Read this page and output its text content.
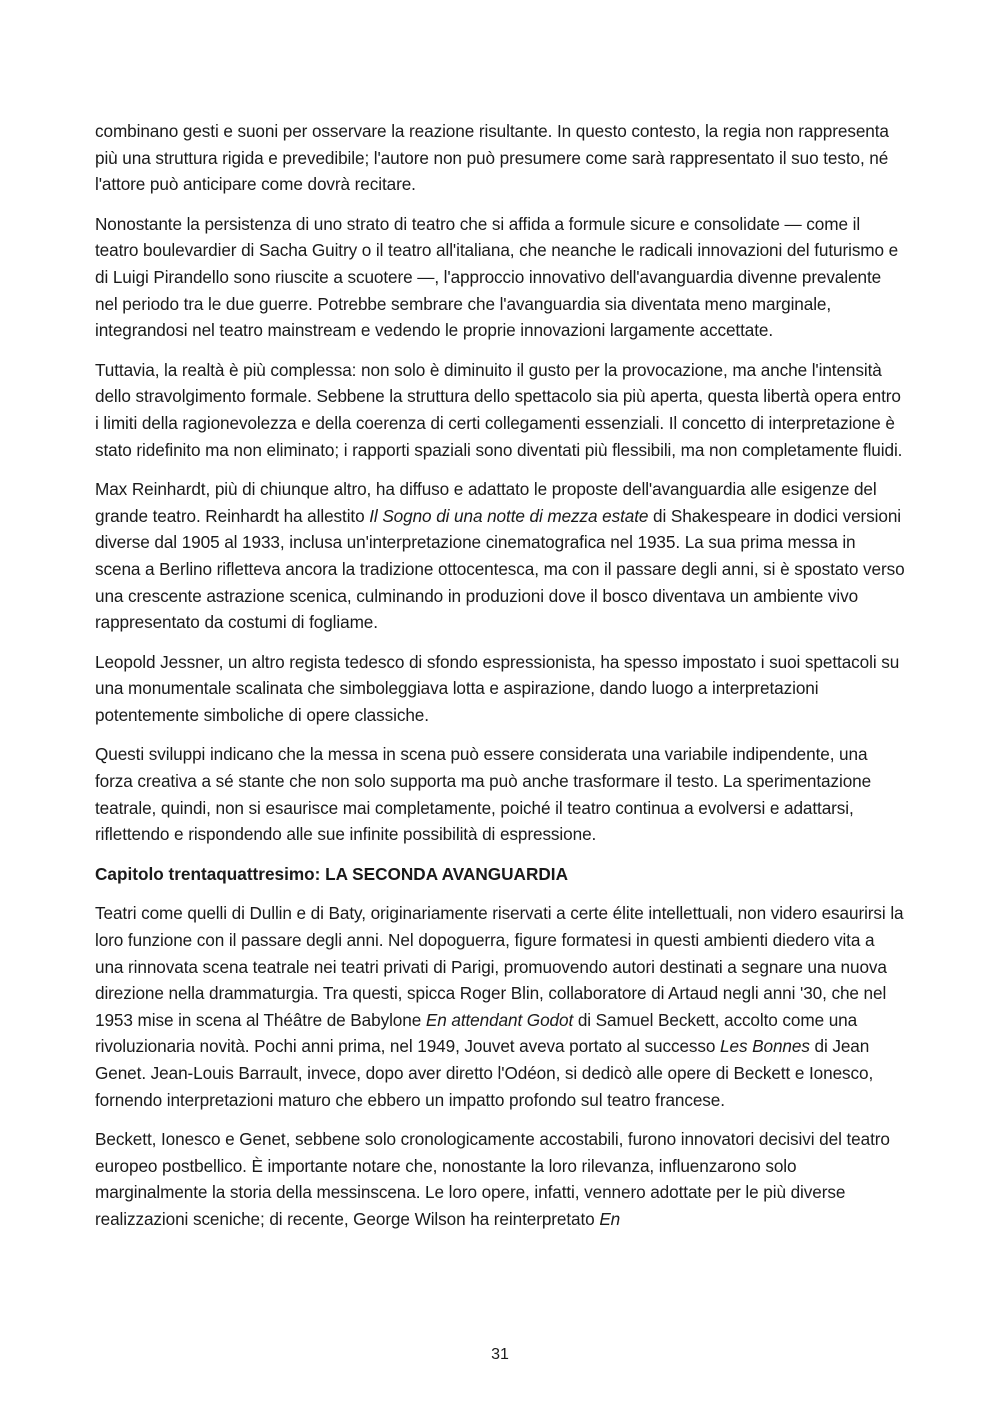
combinano gesti e suoni per osservare la reazione risultante. In questo contesto, la regia non rappresenta più una struttura rigida e prevedibile; l'autore non può presumere come sarà rappresentato il suo testo, né l'attore può anticipare come dovrà recitare.

Nonostante la persistenza di uno strato di teatro che si affida a formule sicure e consolidate — come il teatro boulevardier di Sacha Guitry o il teatro all'italiana, che neanche le radicali innovazioni del futurismo e di Luigi Pirandello sono riuscite a scuotere —, l'approccio innovativo dell'avanguardia divenne prevalente nel periodo tra le due guerre. Potrebbe sembrare che l'avanguardia sia diventata meno marginale, integrandosi nel teatro mainstream e vedendo le proprie innovazioni largamente accettate.

Tuttavia, la realtà è più complessa: non solo è diminuito il gusto per la provocazione, ma anche l'intensità dello stravolgimento formale. Sebbene la struttura dello spettacolo sia più aperta, questa libertà opera entro i limiti della ragionevolezza e della coerenza di certi collegamenti essenziali. Il concetto di interpretazione è stato ridefinito ma non eliminato; i rapporti spaziali sono diventati più flessibili, ma non completamente fluidi.

Max Reinhardt, più di chiunque altro, ha diffuso e adattato le proposte dell'avanguardia alle esigenze del grande teatro. Reinhardt ha allestito Il Sogno di una notte di mezza estate di Shakespeare in dodici versioni diverse dal 1905 al 1933, inclusa un'interpretazione cinematografica nel 1935. La sua prima messa in scena a Berlino rifletteva ancora la tradizione ottocentesca, ma con il passare degli anni, si è spostato verso una crescente astrazione scenica, culminando in produzioni dove il bosco diventava un ambiente vivo rappresentato da costumi di fogliame.

Leopold Jessner, un altro regista tedesco di sfondo espressionista, ha spesso impostato i suoi spettacoli su una monumentale scalinata che simboleggiava lotta e aspirazione, dando luogo a interpretazioni potentemente simboliche di opere classiche.

Questi sviluppi indicano che la messa in scena può essere considerata una variabile indipendente, una forza creativa a sé stante che non solo supporta ma può anche trasformare il testo. La sperimentazione teatrale, quindi, non si esaurisce mai completamente, poiché il teatro continua a evolversi e adattarsi, riflettendo e rispondendo alle sue infinite possibilità di espressione.

Capitolo trentaquattresimo: LA SECONDA AVANGUARDIA

Teatri come quelli di Dullin e di Baty, originariamente riservati a certe élite intellettuali, non videro esaurirsi la loro funzione con il passare degli anni. Nel dopoguerra, figure formatesi in questi ambienti diedero vita a una rinnovata scena teatrale nei teatri privati di Parigi, promuovendo autori destinati a segnare una nuova direzione nella drammaturgia. Tra questi, spicca Roger Blin, collaboratore di Artaud negli anni '30, che nel 1953 mise in scena al Théâtre de Babylone En attendant Godot di Samuel Beckett, accolto come una rivoluzionaria novità. Pochi anni prima, nel 1949, Jouvet aveva portato al successo Les Bonnes di Jean Genet. Jean-Louis Barrault, invece, dopo aver diretto l'Odéon, si dedicò alle opere di Beckett e Ionesco, fornendo interpretazioni maturo che ebbero un impatto profondo sul teatro francese.

Beckett, Ionesco e Genet, sebbene solo cronologicamente accostabili, furono innovatori decisivi del teatro europeo postbellico. È importante notare che, nonostante la loro rilevanza, influenzarono solo marginalmente la storia della messinscena. Le loro opere, infatti, vennero adottate per le più diverse realizzazioni sceniche; di recente, George Wilson ha reinterpretato En

31
